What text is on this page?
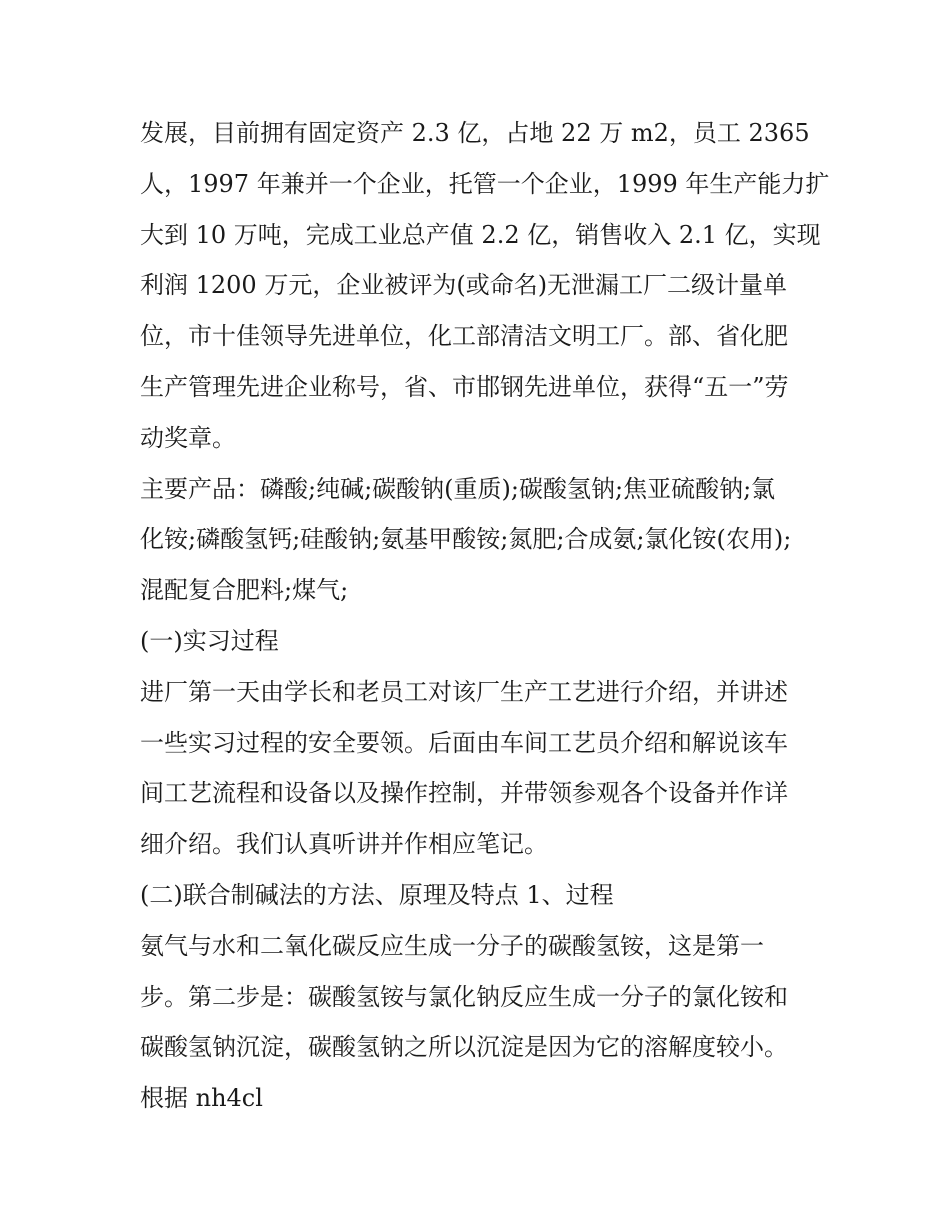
发展，目前拥有固定资产 2.3 亿，占地 22 万 m2，员工 2365
人，1997 年兼并一个企业，托管一个企业，1999 年生产能力扩
大到 10 万吨，完成工业总产值 2.2 亿，销售收入 2.1 亿，实现
利润 1200 万元，企业被评为(或命名)无泄漏工厂二级计量单
位，市十佳领导先进单位，化工部清洁文明工厂。部、省化肥
生产管理先进企业称号，省、市邯钢先进单位，获得“五一”劳
动奖章。

主要产品：磷酸;纯碱;碳酸钠(重质);碳酸氢钠;焦亚硫酸钠;氯
化铵;磷酸氢钙;硅酸钠;氨基甲酸铵;氮肥;合成氨;氯化铵(农用);
混配复合肥料;煤气;

(一)实习过程

进厂第一天由学长和老员工对该厂生产工艺进行介绍，并讲述
一些实习过程的安全要领。后面由车间工艺员介绍和解说该车
间工艺流程和设备以及操作控制，并带领参观各个设备并作详
细介绍。我们认真听讲并作相应笔记。

(二)联合制碱法的方法、原理及特点 1、过程

氨气与水和二氧化碳反应生成一分子的碳酸氢铵，这是第一
步。第二步是：碳酸氢铵与氯化钠反应生成一分子的氯化铵和
碳酸氢钠沉淀，碳酸氢钠之所以沉淀是因为它的溶解度较小。
根据 nh4cl
